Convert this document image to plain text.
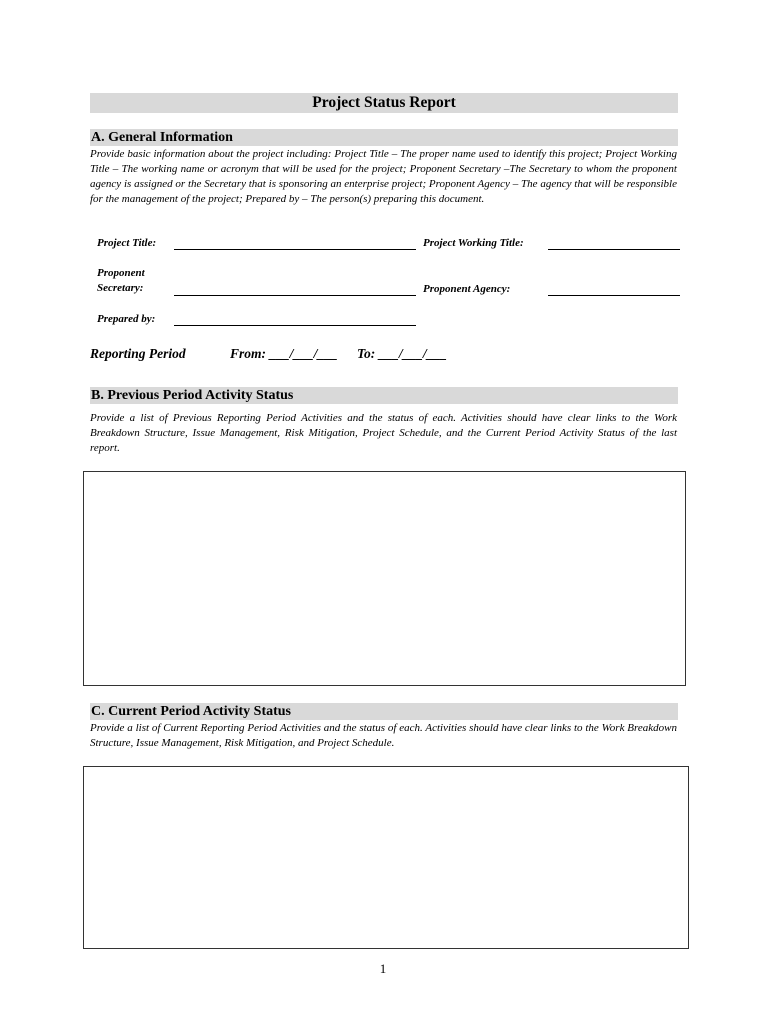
Project Status Report
A. General Information
Provide basic information about the project including: Project Title – The proper name used to identify this project; Project Working Title – The working name or acronym that will be used for the project; Proponent Secretary –The Secretary to whom the proponent agency is assigned or the Secretary that is sponsoring an enterprise project; Proponent Agency – The agency that will be responsible for the management of the project; Prepared by – The person(s) preparing this document.
Project Title:	Project Working Title:
Proponent
Secretary:	Proponent Agency:
Prepared by:
Reporting Period	From: ___/___/___ To: ___/___/___
B. Previous Period Activity Status
Provide a list of Previous Reporting Period Activities and the status of each. Activities should have clear links to the Work Breakdown Structure, Issue Management, Risk Mitigation, Project Schedule, and the Current Period Activity Status of the last report.
C. Current Period Activity Status
Provide a list of Current Reporting Period Activities and the status of each. Activities should have clear links to the Work Breakdown Structure, Issue Management, Risk Mitigation, and Project Schedule.
1
